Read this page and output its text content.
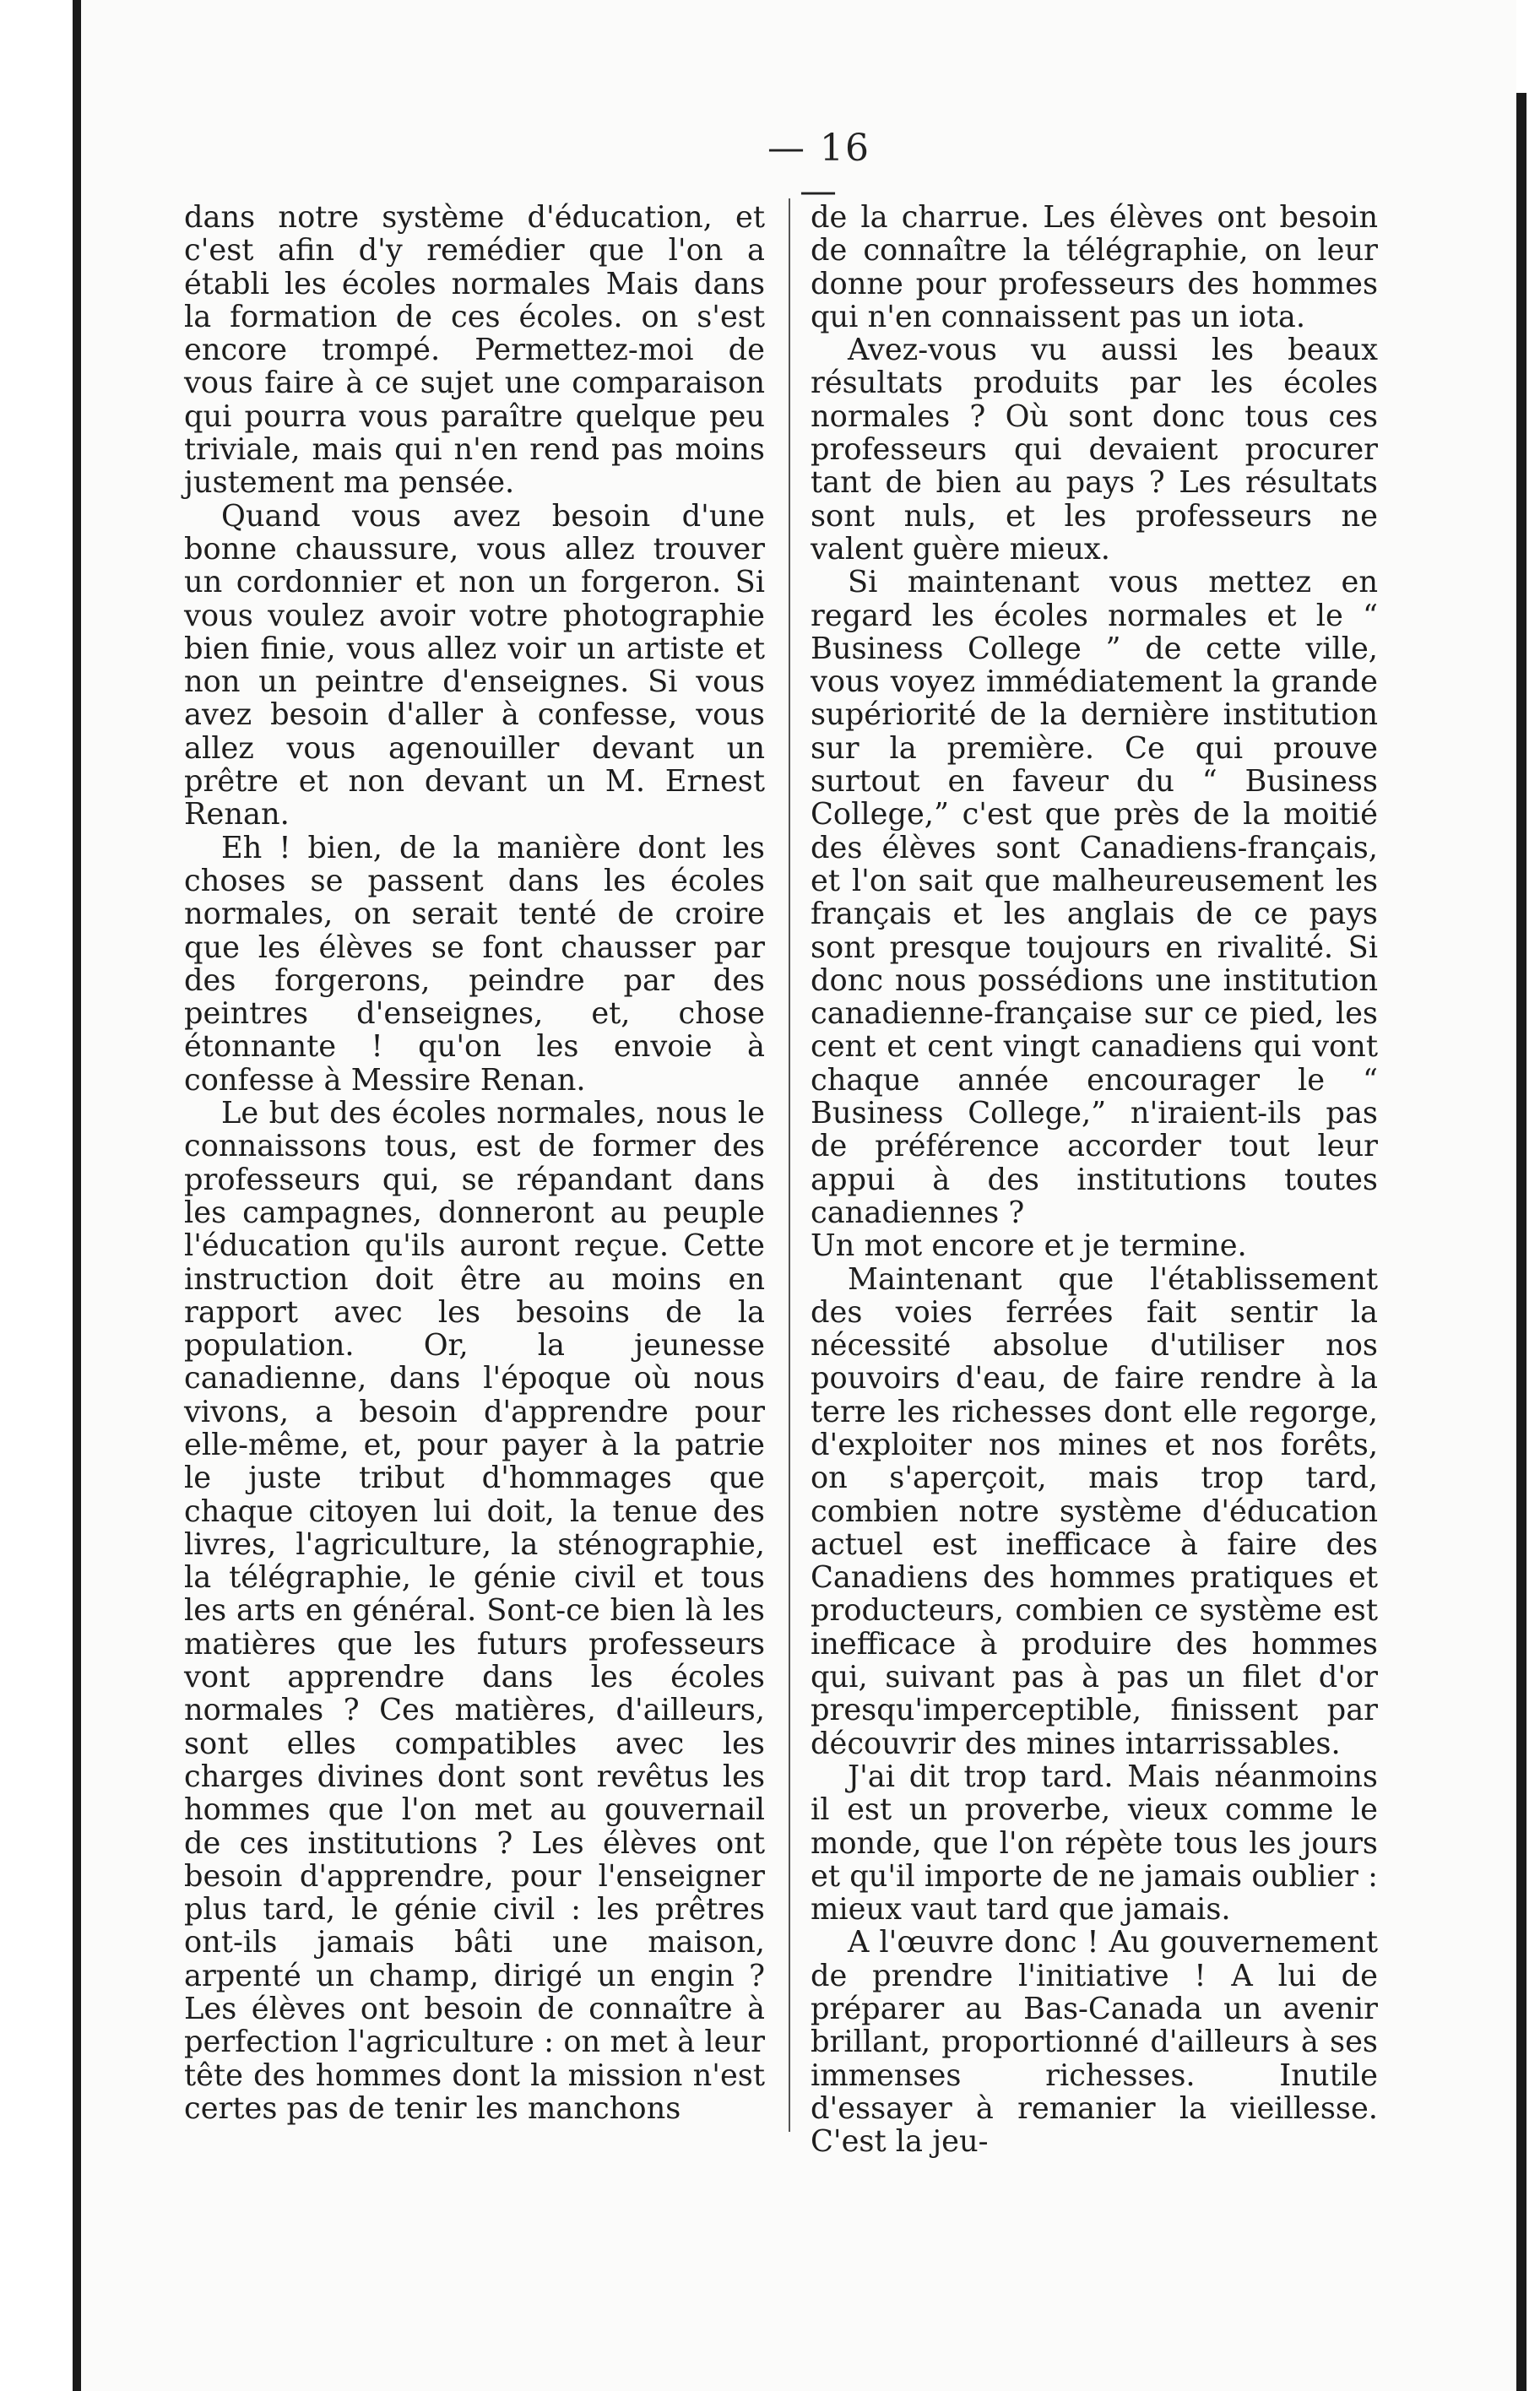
— 16 —

dans notre système d'éducation, et c'est afin d'y remédier que l'on a établi les écoles normales Mais dans la formation de ces écoles. on s'est encore trompé. Permettez-moi de vous faire à ce sujet une comparaison qui pourra vous paraître quelque peu triviale, mais qui n'en rend pas moins justement ma pensée.

Quand vous avez besoin d'une bonne chaussure, vous allez trouver un cordonnier et non un forgeron. Si vous voulez avoir votre photographie bien finie, vous allez voir un artiste et non un peintre d'enseignes. Si vous avez besoin d'aller à confesse, vous allez vous agenouiller devant un prêtre et non devant un M. Ernest Renan.

Eh ! bien, de la manière dont les choses se passent dans les écoles normales, on serait tenté de croire que les élèves se font chausser par des forgerons, peindre par des peintres d'enseignes, et, chose étonnante ! qu'on les envoie à confesse à Messire Renan.

Le but des écoles normales, nous le connaissons tous, est de former des professeurs qui, se répandant dans les campagnes, donneront au peuple l'éducation qu'ils auront reçue. Cette instruction doit être au moins en rapport avec les besoins de la population. Or, la jeunesse canadienne, dans l'époque où nous vivons, a besoin d'apprendre pour elle-même, et, pour payer à la patrie le juste tribut d'hommages que chaque citoyen lui doit, la tenue des livres, l'agriculture, la sténographie, la télégraphie, le génie civil et tous les arts en général. Sont-ce bien là les matières que les futurs professeurs vont apprendre dans les écoles normales ? Ces matières, d'ailleurs, sont elles compatibles avec les charges divines dont sont revêtus les hommes que l'on met au gouvernail de ces institutions ? Les élèves ont besoin d'apprendre, pour l'enseigner plus tard, le génie civil : les prêtres ont-ils jamais bâti une maison, arpenté un champ, dirigé un engin ? Les élèves ont besoin de connaître à perfection l'agriculture : on met à leur tête des hommes dont la mission n'est certes pas de tenir les manchons

de la charrue. Les élèves ont besoin de connaître la télégraphie, on leur donne pour professeurs des hommes qui n'en connaissent pas un iota.

Avez-vous vu aussi les beaux résultats produits par les écoles normales ? Où sont donc tous ces professeurs qui devaient procurer tant de bien au pays ? Les résultats sont nuls, et les professeurs ne valent guère mieux.

Si maintenant vous mettez en regard les écoles normales et le “ Business College ” de cette ville, vous voyez immédiatement la grande supériorité de la dernière institution sur la première. Ce qui prouve surtout en faveur du “ Business College,” c'est que près de la moitié des élèves sont Canadiens-français, et l'on sait que malheureusement les français et les anglais de ce pays sont presque toujours en rivalité. Si donc nous possédions une institution canadienne-française sur ce pied, les cent et cent vingt canadiens qui vont chaque année encourager le “ Business College,” n'iraient-ils pas de préférence accorder tout leur appui à des institutions toutes canadiennes ?

Un mot encore et je termine.

Maintenant que l'établissement des voies ferrées fait sentir la nécessité absolue d'utiliser nos pouvoirs d'eau, de faire rendre à la terre les richesses dont elle regorge, d'exploiter nos mines et nos forêts, on s'aperçoit, mais trop tard, combien notre système d'éducation actuel est inefficace à faire des Canadiens des hommes pratiques et producteurs, combien ce système est inefficace à produire des hommes qui, suivant pas à pas un filet d'or presqu'imperceptible, finissent par découvrir des mines intarrissables.

J'ai dit trop tard. Mais néanmoins il est un proverbe, vieux comme le monde, que l'on répète tous les jours et qu'il importe de ne jamais oublier : mieux vaut tard que jamais.

A l'œuvre donc ! Au gouvernement de prendre l'initiative ! A lui de préparer au Bas-Canada un avenir brillant, proportionné d'ailleurs à ses immenses richesses. Inutile d'essayer à remanier la vieillesse. C'est la jeu-
